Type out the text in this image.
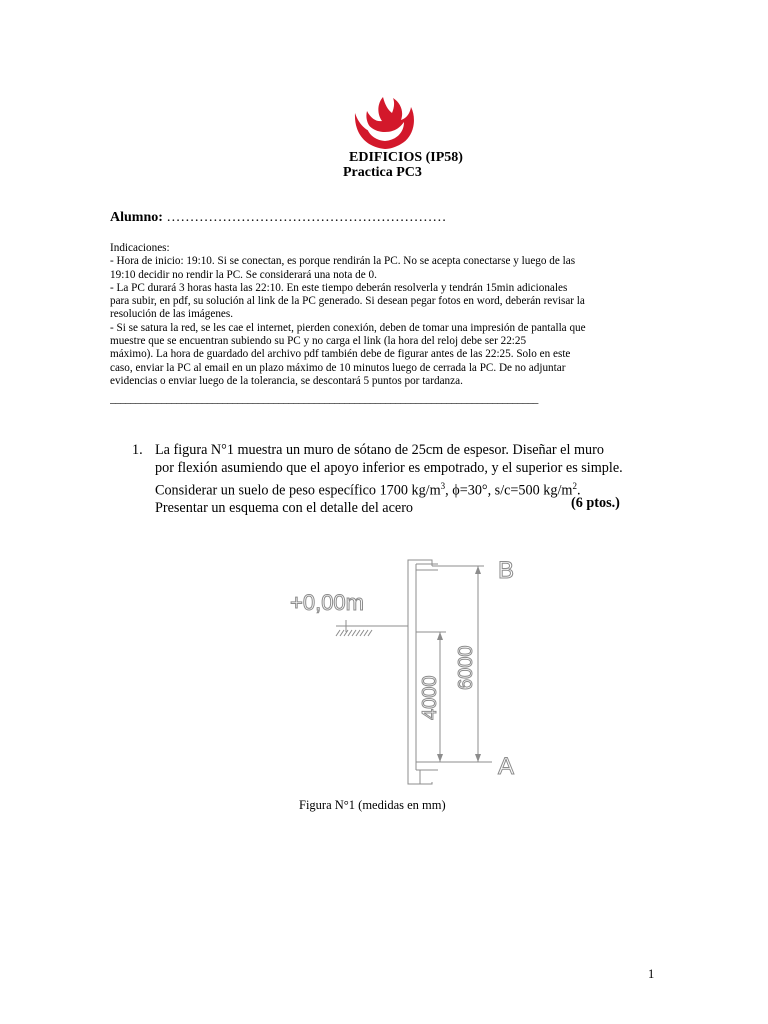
EDIFICIOS (IP58)
Practica PC3
Alumno: ……………………………………………………
Indicaciones:
- Hora de inicio: 19:10. Si se conectan, es porque rendirán la PC. No se acepta conectarse y luego de las
19:10 decidir no rendir la PC. Se considerará una nota de 0.
- La PC durará 3 horas hasta las 22:10. En este tiempo deberán resolverla y tendrán 15min adicionales
para subir, en pdf, su solución al link de la PC generado. Si desean pegar fotos en word, deberán revisar la
resolución de las imágenes.
- Si se satura la red, se les cae el internet, pierden conexión, deben de tomar una impresión de pantalla que
muestre que se encuentran subiendo su PC y no carga el link (la hora del reloj debe ser 22:25
máximo). La hora de guardado del archivo pdf también debe de figurar antes de las 22:25. Solo en este
caso, enviar la PC al email en un plazo máximo de 10 minutos luego de cerrada la PC. De no adjuntar
evidencias o enviar luego de la tolerancia, se descontará 5 puntos por tardanza.
____________________________________________________________________________________
1. La figura N°1 muestra un muro de sótano de 25cm de espesor. Diseñar el muro
por flexión asumiendo que el apoyo inferior es empotrado, y el superior es simple.
Considerar un suelo de peso específico 1700 $kg/m^3$, ϕ=30°, s/c=500 $kg/m^2$.
Presentar un esquema con el detalle del acero	(6 ptos.)
+0,00m
B
A
4000
6000
Figura N°1 (medidas en mm)
1
